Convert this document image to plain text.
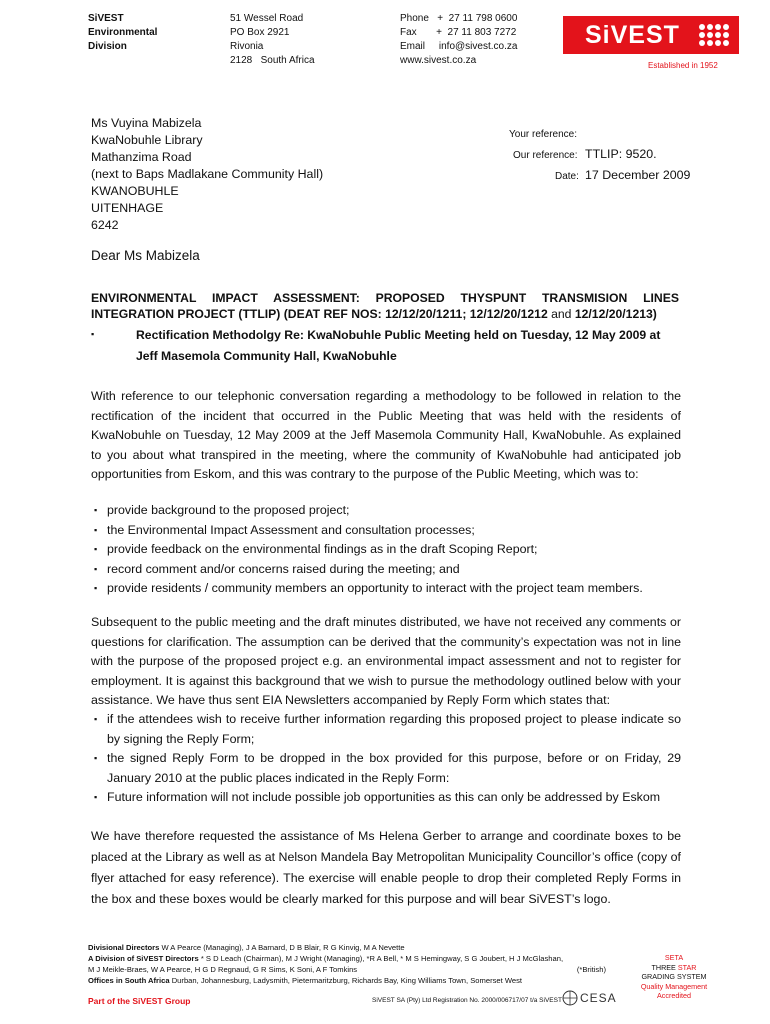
SiVEST
Environmental
Division
51 Wessel Road
PO Box 2921
Rivonia
2128   South Africa
Phone   +  27 11 798 0600
Fax       +  27 11 803 7272
Email     info@sivest.co.za
www.sivest.co.za
SiVEST
Established in 1952
Ms Vuyina Mabizela
KwaNobuhle Library
Mathanzima Road
(next to Baps Madlakane Community Hall)
KWANOBUHLE
UITENHAGE
6242
Your reference:
Our reference: TTLIP: 9520.
Date: 17 December 2009
Dear Ms Mabizela
ENVIRONMENTAL IMPACT ASSESSMENT: PROPOSED THYSPUNT TRANSMISION LINES
INTEGRATION PROJECT (TTLIP) (DEAT REF NOS: 12/12/20/1211; 12/12/20/1212 and 12/12/20/1213)
▪	Rectification Methodolgy Re: KwaNobuhle Public Meeting held on Tuesday, 12 May 2009 at
Jeff Masemola Community Hall, KwaNobuhle
With reference to our telephonic conversation regarding a methodology to be followed in relation to the rectification of the incident that occurred in the Public Meeting that was held with the residents of KwaNobuhle on Tuesday, 12 May 2009 at the Jeff Masemola Community Hall, KwaNobuhle. As explained to you about what transpired in the meeting, where the community of KwaNobuhle had anticipated job opportunities from Eskom, and this was contrary to the purpose of the Public Meeting, which was to:
▪ provide background to the proposed project;
▪ the Environmental Impact Assessment and consultation processes;
▪ provide feedback on the environmental findings as in the draft Scoping Report;
▪ record comment and/or concerns raised during the meeting; and
▪ provide residents / community members an opportunity to interact with the project team members.
Subsequent to the public meeting and the draft minutes distributed, we have not received any comments or questions for clarification. The assumption can be derived that the community’s expectation was not in line with the purpose of the proposed project e.g. an environmental impact assessment and not to register for employment. It is against this background that we wish to pursue the methodology outlined below with your assistance. We have thus sent EIA Newsletters accompanied by Reply Form which states that:
▪ if the attendees wish to receive further information regarding this proposed project to please indicate so by signing the Reply Form;
▪ the signed Reply Form to be dropped in the box provided for this purpose, before or on Friday, 29 January 2010 at the public places indicated in the Reply Form:
▪ Future information will not include possible job opportunities as this can only be addressed by Eskom
We have therefore requested the assistance of Ms Helena Gerber to arrange and coordinate boxes to be placed at the Library as well as at Nelson Mandela Bay Metropolitan Municipality Councillor’s office (copy of flyer attached for easy reference). The exercise will enable people to drop their completed Reply Forms in the box and these boxes would be clearly marked for this purpose and will bear SiVEST’s logo.
Divisional Directors W A Pearce (Managing), J A Barnard, D B Blair, R G Kinvig, M A Nevette
A Division of SiVEST Directors * S D Leach (Chairman), M J Wright (Managing), *R A Bell, * M S Hemingway, S G Joubert, H J McGlashan,
M J Meikle-Braes, W A Pearce, H G D Regnaud, G R Sims, K Soni, A F Tomkins	(*British)
Offices in South Africa Durban, Johannesburg, Ladysmith, Pietermaritzburg, Richards Bay, King Williams Town, Somerset West
Part of the SiVEST Group	SiVEST SA (Pty) Ltd Registration No. 2000/006717/07 t/a SiVEST CESA
SETA
THREE STAR
GRADING SYSTEM
Quality Management
Accredited
